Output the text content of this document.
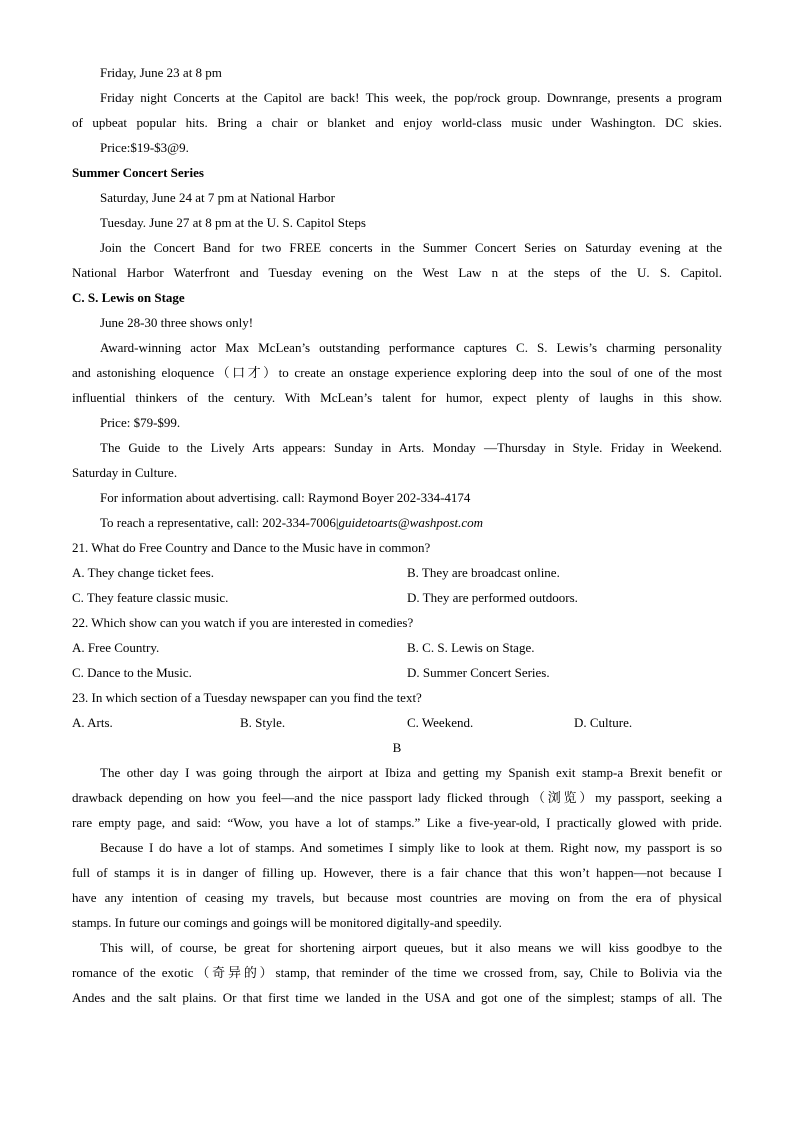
Friday, June 23 at 8 pm
Friday night Concerts at the Capitol are back! This week, the pop/rock group. Downrange, presents a program
of upbeat popular hits. Bring a chair or blanket and enjoy world-class music under Washington. DC skies.
Price:$19-$3@9.
Summer Concert Series
Saturday, June 24 at 7 pm at National Harbor
Tuesday. June 27 at 8 pm at the U. S. Capitol Steps
Join the Concert Band for two FREE concerts in the Summer Concert Series on Saturday evening at the
National Harbor Waterfront and Tuesday evening on the West Law n at the steps of the U. S. Capitol.
C. S. Lewis on Stage
June 28-30 three shows only!
Award-winning actor Max McLean’s outstanding performance captures C. S. Lewis’s charming personality
and astonishing eloquence（口才）to create an onstage experience exploring deep into the soul of one of the most
influential thinkers of the century. With McLean’s talent for humor, expect plenty of laughs in this show.
Price: $79-$99.
The Guide to the Lively Arts appears: Sunday in Arts. Monday —Thursday in Style. Friday in Weekend.
Saturday in Culture.
For information about advertising. call: Raymond Boyer 202-334-4174
To reach a representative, call: 202-334-7006|guidetoarts@washpost.com
21. What do Free Country and Dance to the Music have in common?
A. They change ticket fees.	B. They are broadcast online.
C. They feature classic music.	D. They are performed outdoors.
22. Which show can you watch if you are interested in comedies?
A. Free Country.	B. C. S. Lewis on Stage.
C. Dance to the Music.	D. Summer Concert Series.
23. In which section of a Tuesday newspaper can you find the text?
A. Arts.	B. Style.	C. Weekend.	D. Culture.
B
The other day I was going through the airport at Ibiza and getting my Spanish exit stamp-a Brexit benefit or
drawback depending on how you feel—and the nice passport lady flicked through（浏览）my passport, seeking a
rare empty page, and said: “Wow, you have a lot of stamps.” Like a five-year-old, I practically glowed with pride.
Because I do have a lot of stamps. And sometimes I simply like to look at them. Right now, my passport is so
full of stamps it is in danger of filling up. However, there is a fair chance that this won’t happen—not because I
have any intention of ceasing my travels, but because most countries are moving on from the era of physical
stamps. In future our comings and goings will be monitored digitally-and speedily.
This will, of course, be great for shortening airport queues, but it also means we will kiss goodbye to the
romance of the exotic（奇异的）stamp, that reminder of the time we crossed from, say, Chile to Bolivia via the
Andes and the salt plains. Or that first time we landed in the USA and got one of the simplest; stamps of all. The
